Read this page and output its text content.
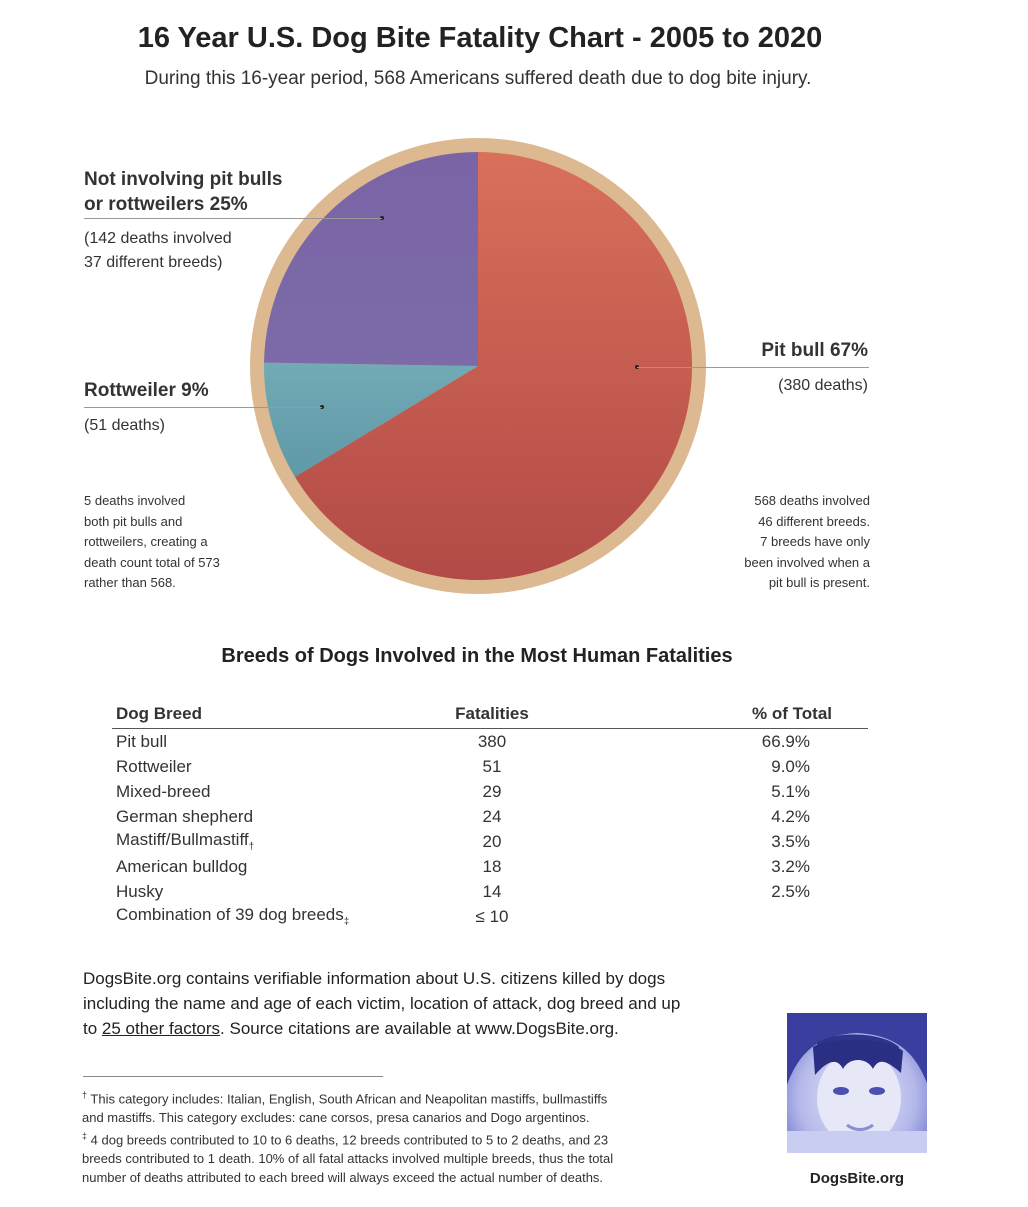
16 Year U.S. Dog Bite Fatality Chart - 2005 to 2020
During this 16-year period, 568 Americans suffered death due to dog bite injury.
Not involving pit bulls
or rottweilers 25%
(142 deaths involved
37 different breeds)
Rottweiler 9%
(51 deaths)
Pit bull 67%
(380 deaths)
5 deaths involved
both pit bulls and
rottweilers, creating a
death count total of 573
rather than 568.
568 deaths involved
46 different breeds.
7 breeds have only
been involved when a
pit bull is present.
Breeds of Dogs Involved in the Most Human Fatalities
Dog Breed	Fatalities	% of Total
Pit bull	380	66.9%
Rottweiler	51	9.0%
Mixed-breed	29	5.1%
German shepherd	24	4.2%
Mastiff/Bullmastiff$_\dagger$	20	3.5%
American bulldog	18	3.2%
Husky	14	2.5%
Combination of 39 dog breeds$_\ddagger$	≤ 10	
DogsBite.org contains verifiable information about U.S. citizens killed by dogs
including the name and age of each victim, location of attack, dog breed and up
to 25 other factors. Source citations are available at www.DogsBite.org.
† This category includes: Italian, English, South African and Neapolitan mastiffs, bullmastiffs
and mastiffs. This category excludes: cane corsos, presa canarios and Dogo argentinos.
‡ 4 dog breeds contributed to 10 to 6 deaths, 12 breeds contributed to 5 to 2 deaths, and 23
breeds contributed to 1 death. 10% of all fatal attacks involved multiple breeds, thus the total
number of deaths attributed to each breed will always exceed the actual number of deaths.	DogsBite.org
